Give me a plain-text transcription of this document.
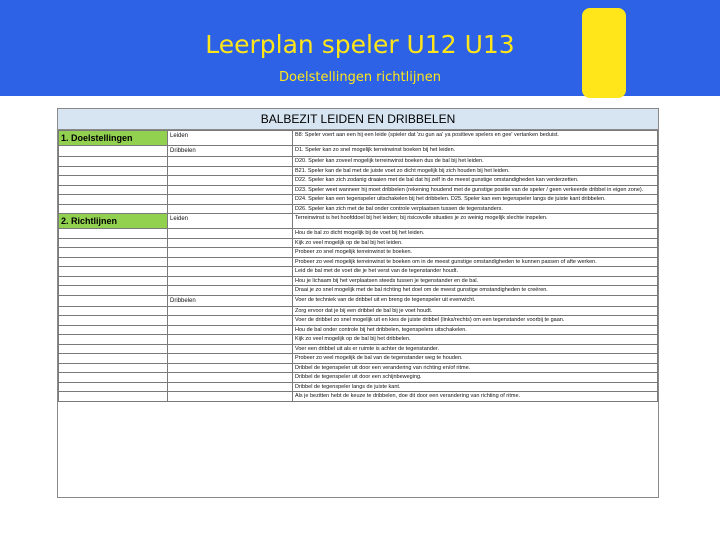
Leerplan speler U12 U13
Doelstellingen richtlijnen
BALBEZIT LEIDEN EN DRIBBELEN
1. Doelstellingen	Leiden	B8: Speler voert aan een hij een leide (spieler dat 'zu gun aa' ya positieve spelers en gee' vertanken beduist.
	Dribbelen	D1. Speler kan zo snel mogelijk terreinwinst boeken bij het leiden.
		D20. Speler kan zoveel mogelijk terreinwinst boeken dus de bal bij het leiden.
		B21. Speler kan de bal met de juiste voet zo dicht mogelijk bij zich houden bij het leiden.
		D22. Speler kan zich zodanig draaien met de bal dat hij zelf in de meest gunstige omstandigheden kan verderzetten.
		D23. Speler weet wanneer hij moet dribbelen (rekening houdend met de gunstige positie van de speler / geen verkeerde dribbel in eigen zone).
		D24. Speler kan een tegenspeler uitschakelen bij het dribbelen. D25. Speler kan een tegenspeler langs de juiste kant dribbelen.
		D26. Speler kan zich met de bal onder controle verplaatsen tussen de tegenstanders.
2. Richtlijnen	Leiden	Terreinwinst is het hoofddoel bij het leiden; bij risicovolle situaties je zo weinig mogelijk slechte inspelen.
		Hou de bal zo dicht mogelijk bij de voet bij het leiden.
		Kijk zo veel mogelijk op de bal bij het leiden.
		Probeer zo snel mogelijk terreinwinst te boeken.
		Probeer zo veel mogelijk terreinwinst te boeken om in de meest gunstige omstandigheden te kunnen passen of afte werken.
		Leid de bal met de voet die je het verst van de tegenstander houdt.
		Hou je lichaam bij het verplaatsen steeds tussen je tegenstander en de bal.
		Draai je zo snel mogelijk met de bal richting het doel om de meest gunstige omstandigheden te creëren.
	Dribbelen	Voer de techniek van de dribbel uit en breng de tegenspeler uit evenwicht.
		Zorg ervoor dat je bij een dribbel de bal bij je voet houdt.
		Voer de dribbel zo snel mogelijk uit en kies de juiste dribbel (links/rechts) om een tegenstander voorbij te gaan.
		Hou de bal onder controle bij het dribbelen, tegenspelers uitschakelen.
		Kijk zo veel mogelijk op de bal bij het dribbelen.
		Voer een dribbel uit als er ruimte is achter de tegenstander.
		Probeer zo veel mogelijk de bal van de tegenstander weg te houden.
		Dribbel de tegenspeler uit door een verandering van richting en/of ritme.
		Dribbel de tegenspeler uit door een schijnbeweging.
		Dribbel de tegenspeler langs de juiste kant.
		Als je bezitten hebt de keuze te dribbelen, doe dit door een verandering van richting of ritme.
